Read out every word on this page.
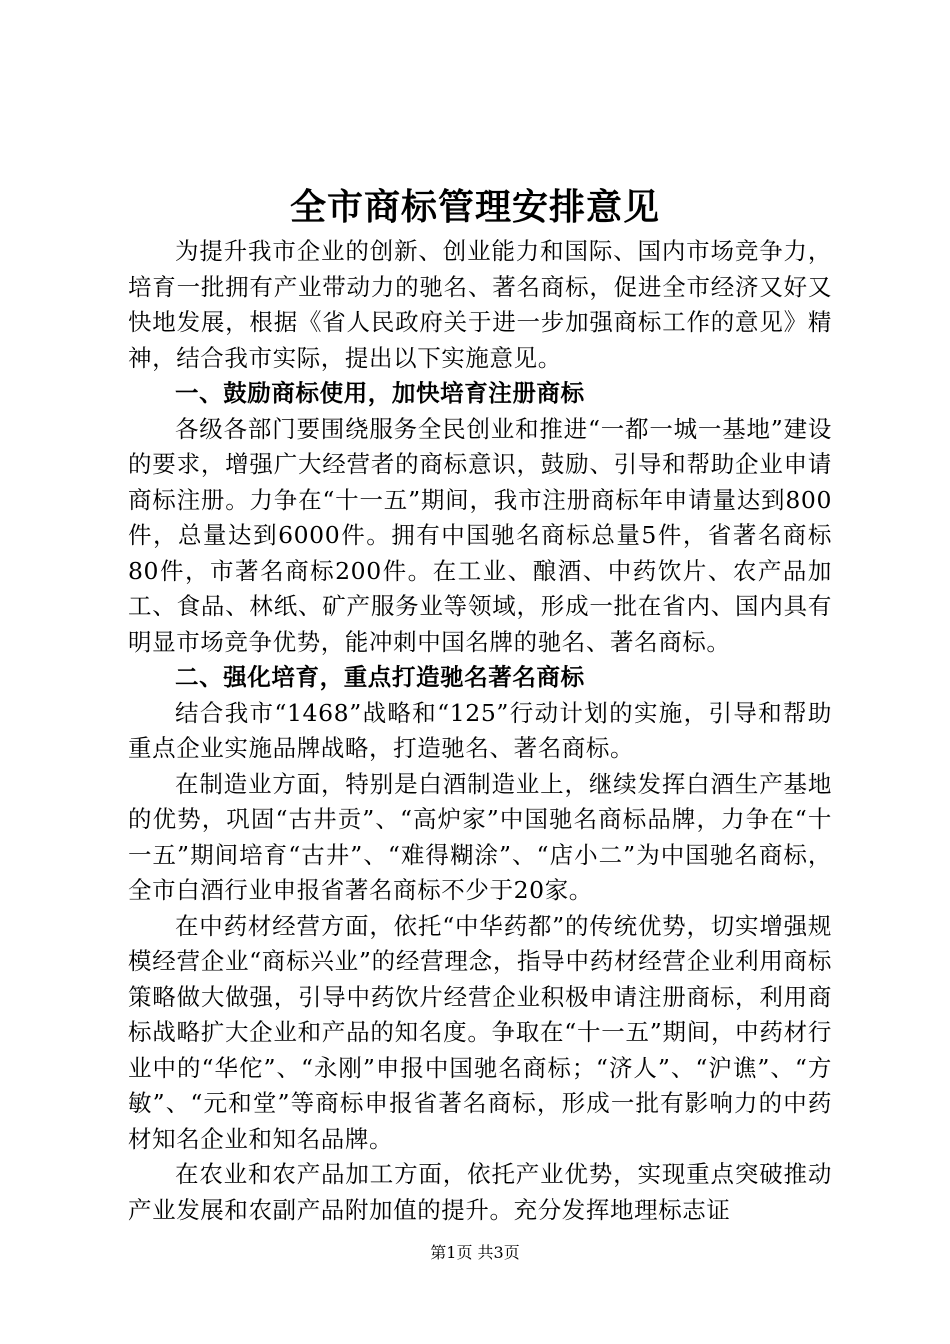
全市商标管理安排意见

为提升我市企业的创新、创业能力和国际、国内市场竞争力，培育一批拥有产业带动力的驰名、著名商标，促进全市经济又好又快地发展，根据《省人民政府关于进一步加强商标工作的意见》精神，结合我市实际，提出以下实施意见。

一、鼓励商标使用，加快培育注册商标

各级各部门要围绕服务全民创业和推进“一都一城一基地”建设的要求，增强广大经营者的商标意识，鼓励、引导和帮助企业申请商标注册。力争在“十一五”期间，我市注册商标年申请量达到800件，总量达到6000件。拥有中国驰名商标总量5件，省著名商标80件，市著名商标200件。在工业、酿酒、中药饮片、农产品加工、食品、林纸、矿产服务业等领域，形成一批在省内、国内具有明显市场竞争优势，能冲刺中国名牌的驰名、著名商标。

二、强化培育，重点打造驰名著名商标

结合我市“1468”战略和“125”行动计划的实施，引导和帮助重点企业实施品牌战略，打造驰名、著名商标。

在制造业方面，特别是白酒制造业上，继续发挥白酒生产基地的优势，巩固“古井贡”、“高炉家”中国驰名商标品牌，力争在“十一五”期间培育“古井”、“难得糊涂”、“店小二”为中国驰名商标，全市白酒行业申报省著名商标不少于20家。

在中药材经营方面，依托“中华药都”的传统优势，切实增强规模经营企业“商标兴业”的经营理念，指导中药材经营企业利用商标策略做大做强，引导中药饮片经营企业积极申请注册商标，利用商标战略扩大企业和产品的知名度。争取在“十一五”期间，中药材行业中的“华佗”、“永刚”申报中国驰名商标；“济人”、“沪谯”、“方敏”、“元和堂”等商标申报省著名商标，形成一批有影响力的中药材知名企业和知名品牌。

在农业和农产品加工方面，依托产业优势，实现重点突破推动产业发展和农副产品附加值的提升。充分发挥地理标志证

第1页 共3页
